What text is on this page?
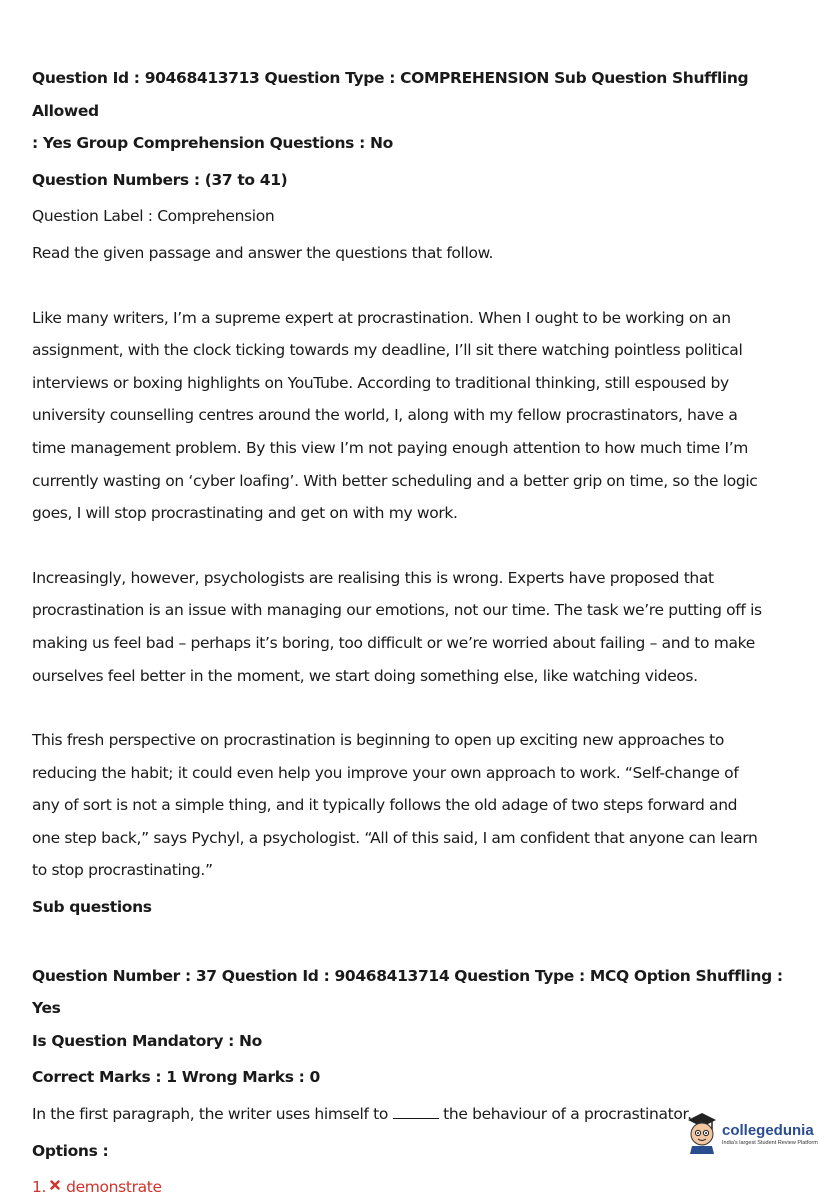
Question Id : 90468413713 Question Type : COMPREHENSION Sub Question Shuffling Allowed

: Yes Group Comprehension Questions : No

Question Numbers : (37 to 41)

Question Label : Comprehension

Read the given passage and answer the questions that follow.

Like many writers, I’m a supreme expert at procrastination. When I ought to be working on an

assignment, with the clock ticking towards my deadline, I’ll sit there watching pointless political

interviews or boxing highlights on YouTube. According to traditional thinking, still espoused by

university counselling centres around the world, I, along with my fellow procrastinators, have a

time management problem. By this view I’m not paying enough attention to how much time I’m

currently wasting on ‘cyber loafing’. With better scheduling and a better grip on time, so the logic

goes, I will stop procrastinating and get on with my work.

Increasingly, however, psychologists are realising this is wrong. Experts have proposed that

procrastination is an issue with managing our emotions, not our time. The task we’re putting off is

making us feel bad – perhaps it’s boring, too difficult or we’re worried about failing – and to make

ourselves feel better in the moment, we start doing something else, like watching videos.

This fresh perspective on procrastination is beginning to open up exciting new approaches to

reducing the habit; it could even help you improve your own approach to work. “Self-change of

any of sort is not a simple thing, and it typically follows the old adage of two steps forward and

one step back,” says Pychyl, a psychologist. “All of this said, I am confident that anyone can learn

to stop procrastinating.”

Sub questions

Question Number : 37 Question Id : 90468413714 Question Type : MCQ Option Shuffling : Yes

Is Question Mandatory : No

Correct Marks : 1 Wrong Marks : 0

In the first paragraph, the writer uses himself to	the behaviour of a procrastinator.

Options :

1. demonstrate

collegedunia
India's largest Student Review Platform
